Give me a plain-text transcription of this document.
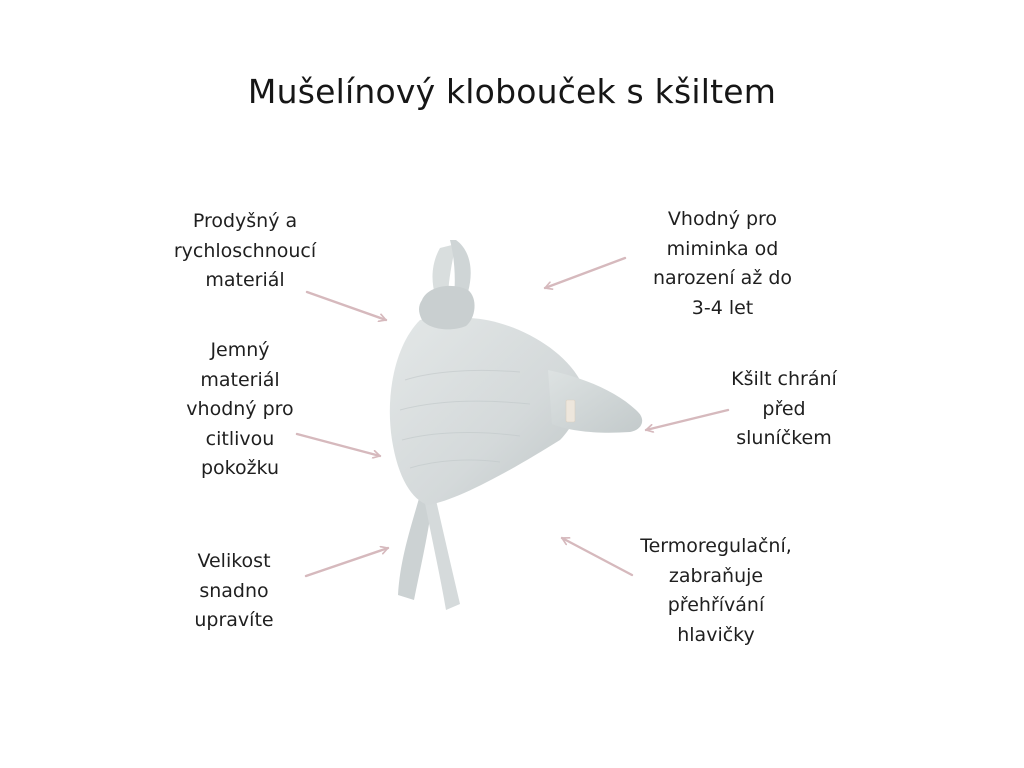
Mušelínový klobouček s kšiltem
Prodyšný a
rychloschnoucí
materiál
Jemný
materiál
vhodný pro
citlivou
pokožku
Velikost
snadno
upravíte
Vhodný pro
miminka od
narození až do
3-4 let
Kšilt chrání
před
sluníčkem
Termoregulační,
zabraňuje
přehřívání
hlavičky
